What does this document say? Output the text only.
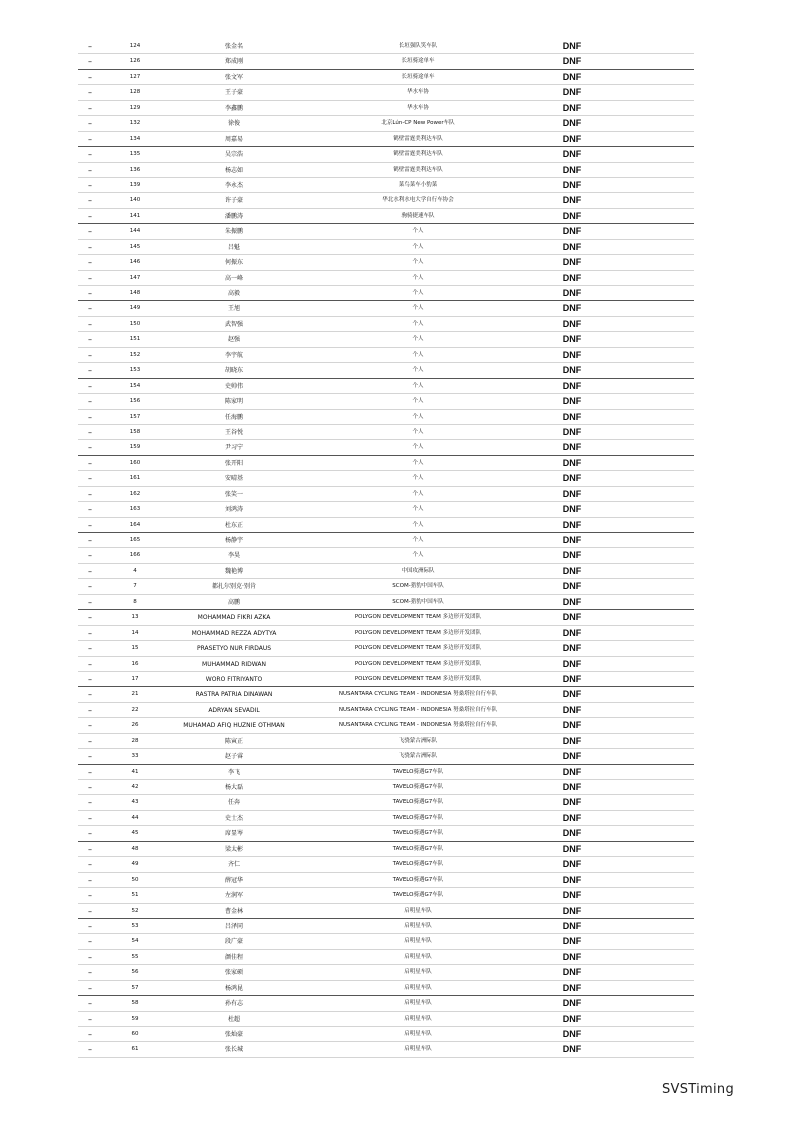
–	124	张金名	长垣强队笑车队	DNF
–	126	郑成刚	长垣骑途单车	DNF
–	127	张文军	长垣骑途单车	DNF
–	128	王子豪	华水车协	DNF
–	129	李鑫鹏	华水车协	DNF
–	132	徐俊	北京Lún-CP New Power车队	DNF
–	134	周嘉易	鹤壁雷霆美利达车队	DNF
–	135	吴宗浩	鹤壁雷霆美利达车队	DNF
–	136	杨志如	鹤壁雷霆美利达车队	DNF
–	139	李永杰	菜鸟菜车小豹菜	DNF
–	140	许子豪	华北水利水电大学自行车协会	DNF
–	141	潘鹏涛	驹骑捷速车队	DNF
–	144	朱振鹏	个人	DNF
–	145	吕魁	个人	DNF
–	146	何振东	个人	DNF
–	147	高一峰	个人	DNF
–	148	高毅	个人	DNF
–	149	王旭	个人	DNF
–	150	武智强	个人	DNF
–	151	赵强	个人	DNF
–	152	李宇航	个人	DNF
–	153	胡晓东	个人	DNF
–	154	史帅伟	个人	DNF
–	156	陈家明	个人	DNF
–	157	任海鹏	个人	DNF
–	158	王谷悦	个人	DNF
–	159	尹习宁	个人	DNF
–	160	张开阳	个人	DNF
–	161	安晴基	个人	DNF
–	162	张笑一	个人	DNF
–	163	刘鸿涛	个人	DNF
–	164	杜东正	个人	DNF
–	165	杨静宇	个人	DNF
–	166	李昊	个人	DNF
–	4	魏艳博	中国攻洲际队	DNF
–	7	都扎尔别克·别肯	SCOM-猎豹中国车队	DNF
–	8	高鹏	SCOM-猎豹中国车队	DNF
–	13	MOHAMMAD FIKRI AZKA	POLYGON DEVELOPMENT TEAM 多边形开发团队	DNF
–	14	MOHAMMAD REZZA ADYTYA	POLYGON DEVELOPMENT TEAM 多边形开发团队	DNF
–	15	PRASETYO NUR FIRDAUS	POLYGON DEVELOPMENT TEAM 多边形开发团队	DNF
–	16	MUHAMMAD RIDWAN	POLYGON DEVELOPMENT TEAM 多边形开发团队	DNF
–	17	WORO FITRIYANTO	POLYGON DEVELOPMENT TEAM 多边形开发团队	DNF
–	21	RASTRA PATRIA DINAWAN	NUSANTARA CYCLING TEAM - INDONESIA 努桑塔拉自行车队	DNF
–	22	ADRYAN SEVADIL	NUSANTARA CYCLING TEAM - INDONESIA 努桑塔拉自行车队	DNF
–	26	MUHAMAD AFIQ HUZNIE OTHMAN	NUSANTARA CYCLING TEAM - INDONESIA 努桑塔拉自行车队	DNF
–	28	陈寅正	飞骁蒙古洲际队	DNF
–	33	赵子睿	飞骁蒙古洲际队	DNF
–	41	李飞	TAVELO骑遇G7车队	DNF
–	42	杨大磊	TAVELO骑遇G7车队	DNF
–	43	任奔	TAVELO骑遇G7车队	DNF
–	44	史士杰	TAVELO骑遇G7车队	DNF
–	45	席显岑	TAVELO骑遇G7车队	DNF
–	48	梁太彬	TAVELO骑遇G7车队	DNF
–	49	齐仁	TAVELO骑遇G7车队	DNF
–	50	薛冠华	TAVELO骑遇G7车队	DNF
–	51	左润军	TAVELO骑遇G7车队	DNF
–	52	曹金林	启明星车队	DNF
–	53	吕泽同	启明星车队	DNF
–	54	段广豪	启明星车队	DNF
–	55	颜佳程	启明星车队	DNF
–	56	张家硕	启明星车队	DNF
–	57	杨鸿昆	启明星车队	DNF
–	58	孙有志	启明星车队	DNF
–	59	杜超	启明星车队	DNF
–	60	张灿豪	启明星车队	DNF
–	61	张长城	启明星车队	DNF
SVSTiming
